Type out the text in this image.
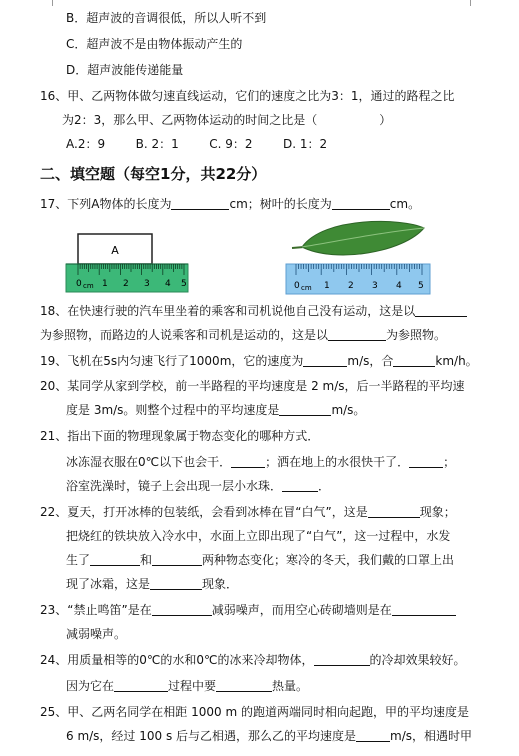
B．超声波的音调很低，所以人听不到
C．超声波不是由物体振动产生的
D．超声波能传递能量
16、甲、乙两物体做匀速直线运动，它们的速度之比为3：1，通过的路程之比
为2：3，那么甲、乙两物体运动的时间之比是（	）
A.2：9        B. 2：1        C. 9：2        D. 1：2
二、填空题（每空1分，共22分）
17、下列A物体的长度为	cm；树叶的长度为	cm。
A
0 cm 1 2 3 4 5	0 cm 1 2 3 4 5
18、在快速行驶的汽车里坐着的乘客和司机说他自己没有运动，这是以
为参照物，而路边的人说乘客和司机是运动的，这是以	为参照物。
19、飞机在5s内匀速飞行了1000m，它的速度为	m/s，合	km/h。
20、某同学从家到学校，前一半路程的平均速度是 2 m/s，后一半路程的平均速
度是 3m/s。则整个过程中的平均速度是	m/s。
21、指出下面的物理现象属于物态变化的哪种方式．
冰冻湿衣服在0℃以下也会干．	；洒在地上的水很快干了．	；
浴室洗澡时，镜子上会出现一层小水珠．	．
22、夏天，打开冰棒的包装纸，会看到冰棒在冒“白气”，这是	现象；
把烧红的铁块放入冷水中，水面上立即出现了“白气”，这一过程中，水发
生了	和	两种物态变化；寒冷的冬天，我们戴的口罩上出
现了冰霜，这是	现象．
23、“禁止鸣笛”是在	减弱噪声，而用空心砖砌墙则是在
减弱噪声。
24、用质量相等的0℃的水和0℃的冰来冷却物体，	的冷却效果较好。
因为它在	过程中要	热量。
25、甲、乙两名同学在相距 1000 m 的跑道两端同时相向起跑，甲的平均速度是
6 m/s，经过 100 s 后与乙相遇，那么乙的平均速度是	m/s，相遇时甲
